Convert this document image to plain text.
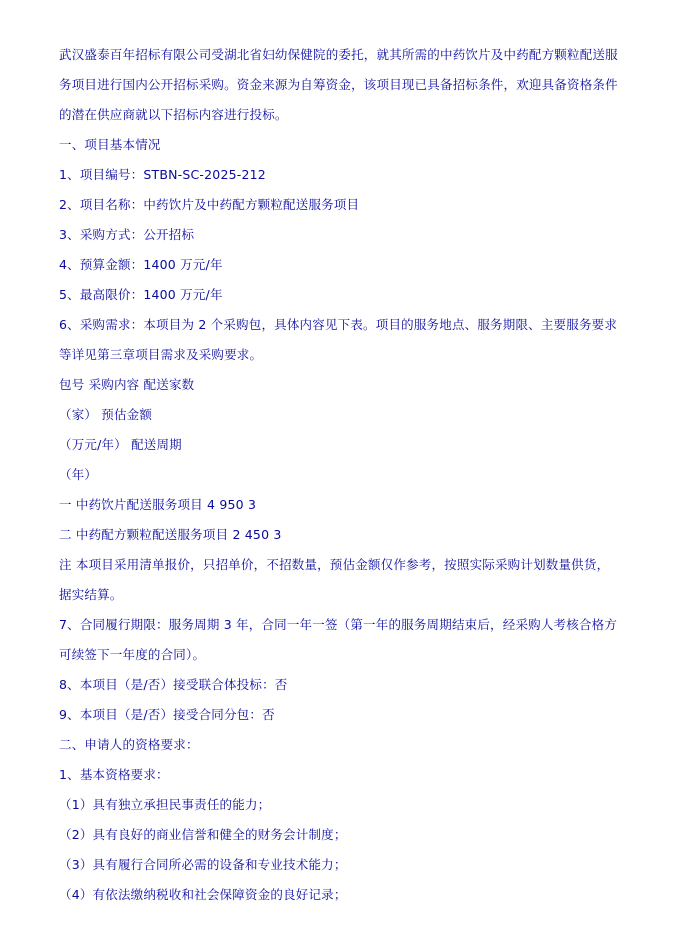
武汉盛泰百年招标有限公司受湖北省妇幼保健院的委托，就其所需的中药饮片及中药配方颗粒配送服务项目进行国内公开招标采购。资金来源为自筹资金，该项目现已具备招标条件，欢迎具备资格条件的潜在供应商就以下招标内容进行投标。

一、项目基本情况

1、项目编号：STBN-SC-2025-212

2、项目名称：中药饮片及中药配方颗粒配送服务项目

3、采购方式：公开招标

4、预算金额：1400 万元/年

5、最高限价：1400 万元/年

6、采购需求：本项目为 2 个采购包，具体内容见下表。项目的服务地点、服务期限、主要服务要求等详见第三章项目需求及采购要求。

包号 采购内容 配送家数

（家） 预估金额

（万元/年） 配送周期

（年）

一 中药饮片配送服务项目 4 950 3

二 中药配方颗粒配送服务项目 2 450 3

注 本项目采用清单报价，只招单价，不招数量，预估金额仅作参考，按照实际采购计划数量供货，据实结算。

7、合同履行期限：服务周期 3 年，合同一年一签（第一年的服务周期结束后，经采购人考核合格方可续签下一年度的合同）。

8、本项目（是/否）接受联合体投标：否

9、本项目（是/否）接受合同分包：否

二、申请人的资格要求：

1、基本资格要求：

（1）具有独立承担民事责任的能力；

（2）具有良好的商业信誉和健全的财务会计制度；

（3）具有履行合同所必需的设备和专业技术能力；

（4）有依法缴纳税收和社会保障资金的良好记录；
